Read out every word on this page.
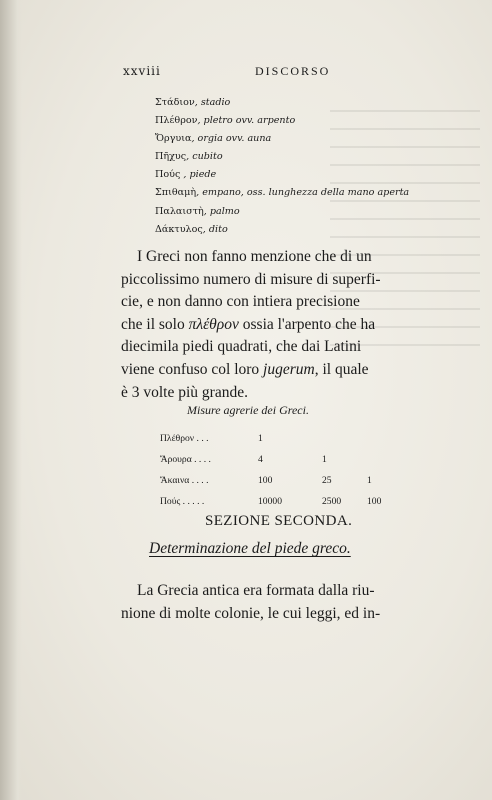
xxviii	DISCORSO
Στάδιον, stadio
Πλέθρον, pletro ovv. arpento
Ὄργυια, orgia ovv. auna
Πῆχυς, cubito
Πούς , piede
Σπιθαμὴ, empano, oss. lunghezza della mano aperta
Παλαιστὴ, palmo
Δάκτυλος, dito
I Greci non fanno menzione che di un
piccolissimo numero di misure di superfi-
cie, e non danno con intiera precisione
che il solo πλέθρον ossia l'arpento che ha
diecimila piedi quadrati, che dai Latini
viene confuso col loro jugerum, il quale
è 3 volte più grande.
Misure agrerie dei Greci.
Πλέθρον . . .	1
Ἄρουρα . . . .	4	1
Ἄκαινα . . . .	100	25	1
Πούς . . . . .	10000	2500	100
SEZIONE SECONDA.
Determinazione del piede greco.
La Grecia antica era formata dalla riu-
nione di molte colonie, le cui leggi, ed in-
